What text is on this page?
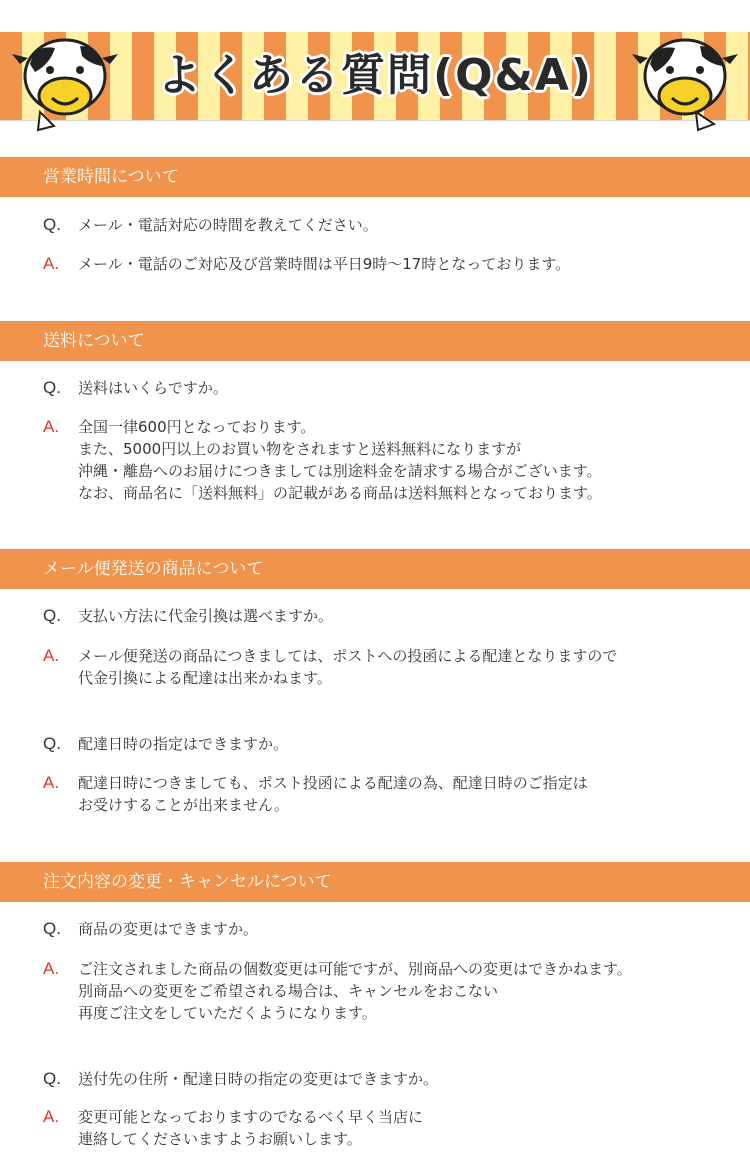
よくある質問(Q&A)
営業時間について
Q. メール・電話対応の時間を教えてください。
A. メール・電話のご対応及び営業時間は平日9時～17時となっております。
送料について
Q. 送料はいくらですか。
A. 全国一律600円となっております。
また、5000円以上のお買い物をされますと送料無料になりますが
沖縄・離島へのお届けにつきましては別途料金を請求する場合がございます。
なお、商品名に「送料無料」の記載がある商品は送料無料となっております。
メール便発送の商品について
Q. 支払い方法に代金引換は選べますか。
A. メール便発送の商品につきましては、ポストへの投函による配達となりますので
代金引換による配達は出来かねます。
Q. 配達日時の指定はできますか。
A. 配達日時につきましても、ポスト投函による配達の為、配達日時のご指定は
お受けすることが出来ません。
注文内容の変更・キャンセルについて
Q. 商品の変更はできますか。
A. ご注文されました商品の個数変更は可能ですが、別商品への変更はできかねます。
別商品への変更をご希望される場合は、キャンセルをおこない
再度ご注文をしていただくようになります。
Q. 送付先の住所・配達日時の指定の変更はできますか。
A. 変更可能となっておりますのでなるべく早く当店に
連絡してくださいますようお願いします。
